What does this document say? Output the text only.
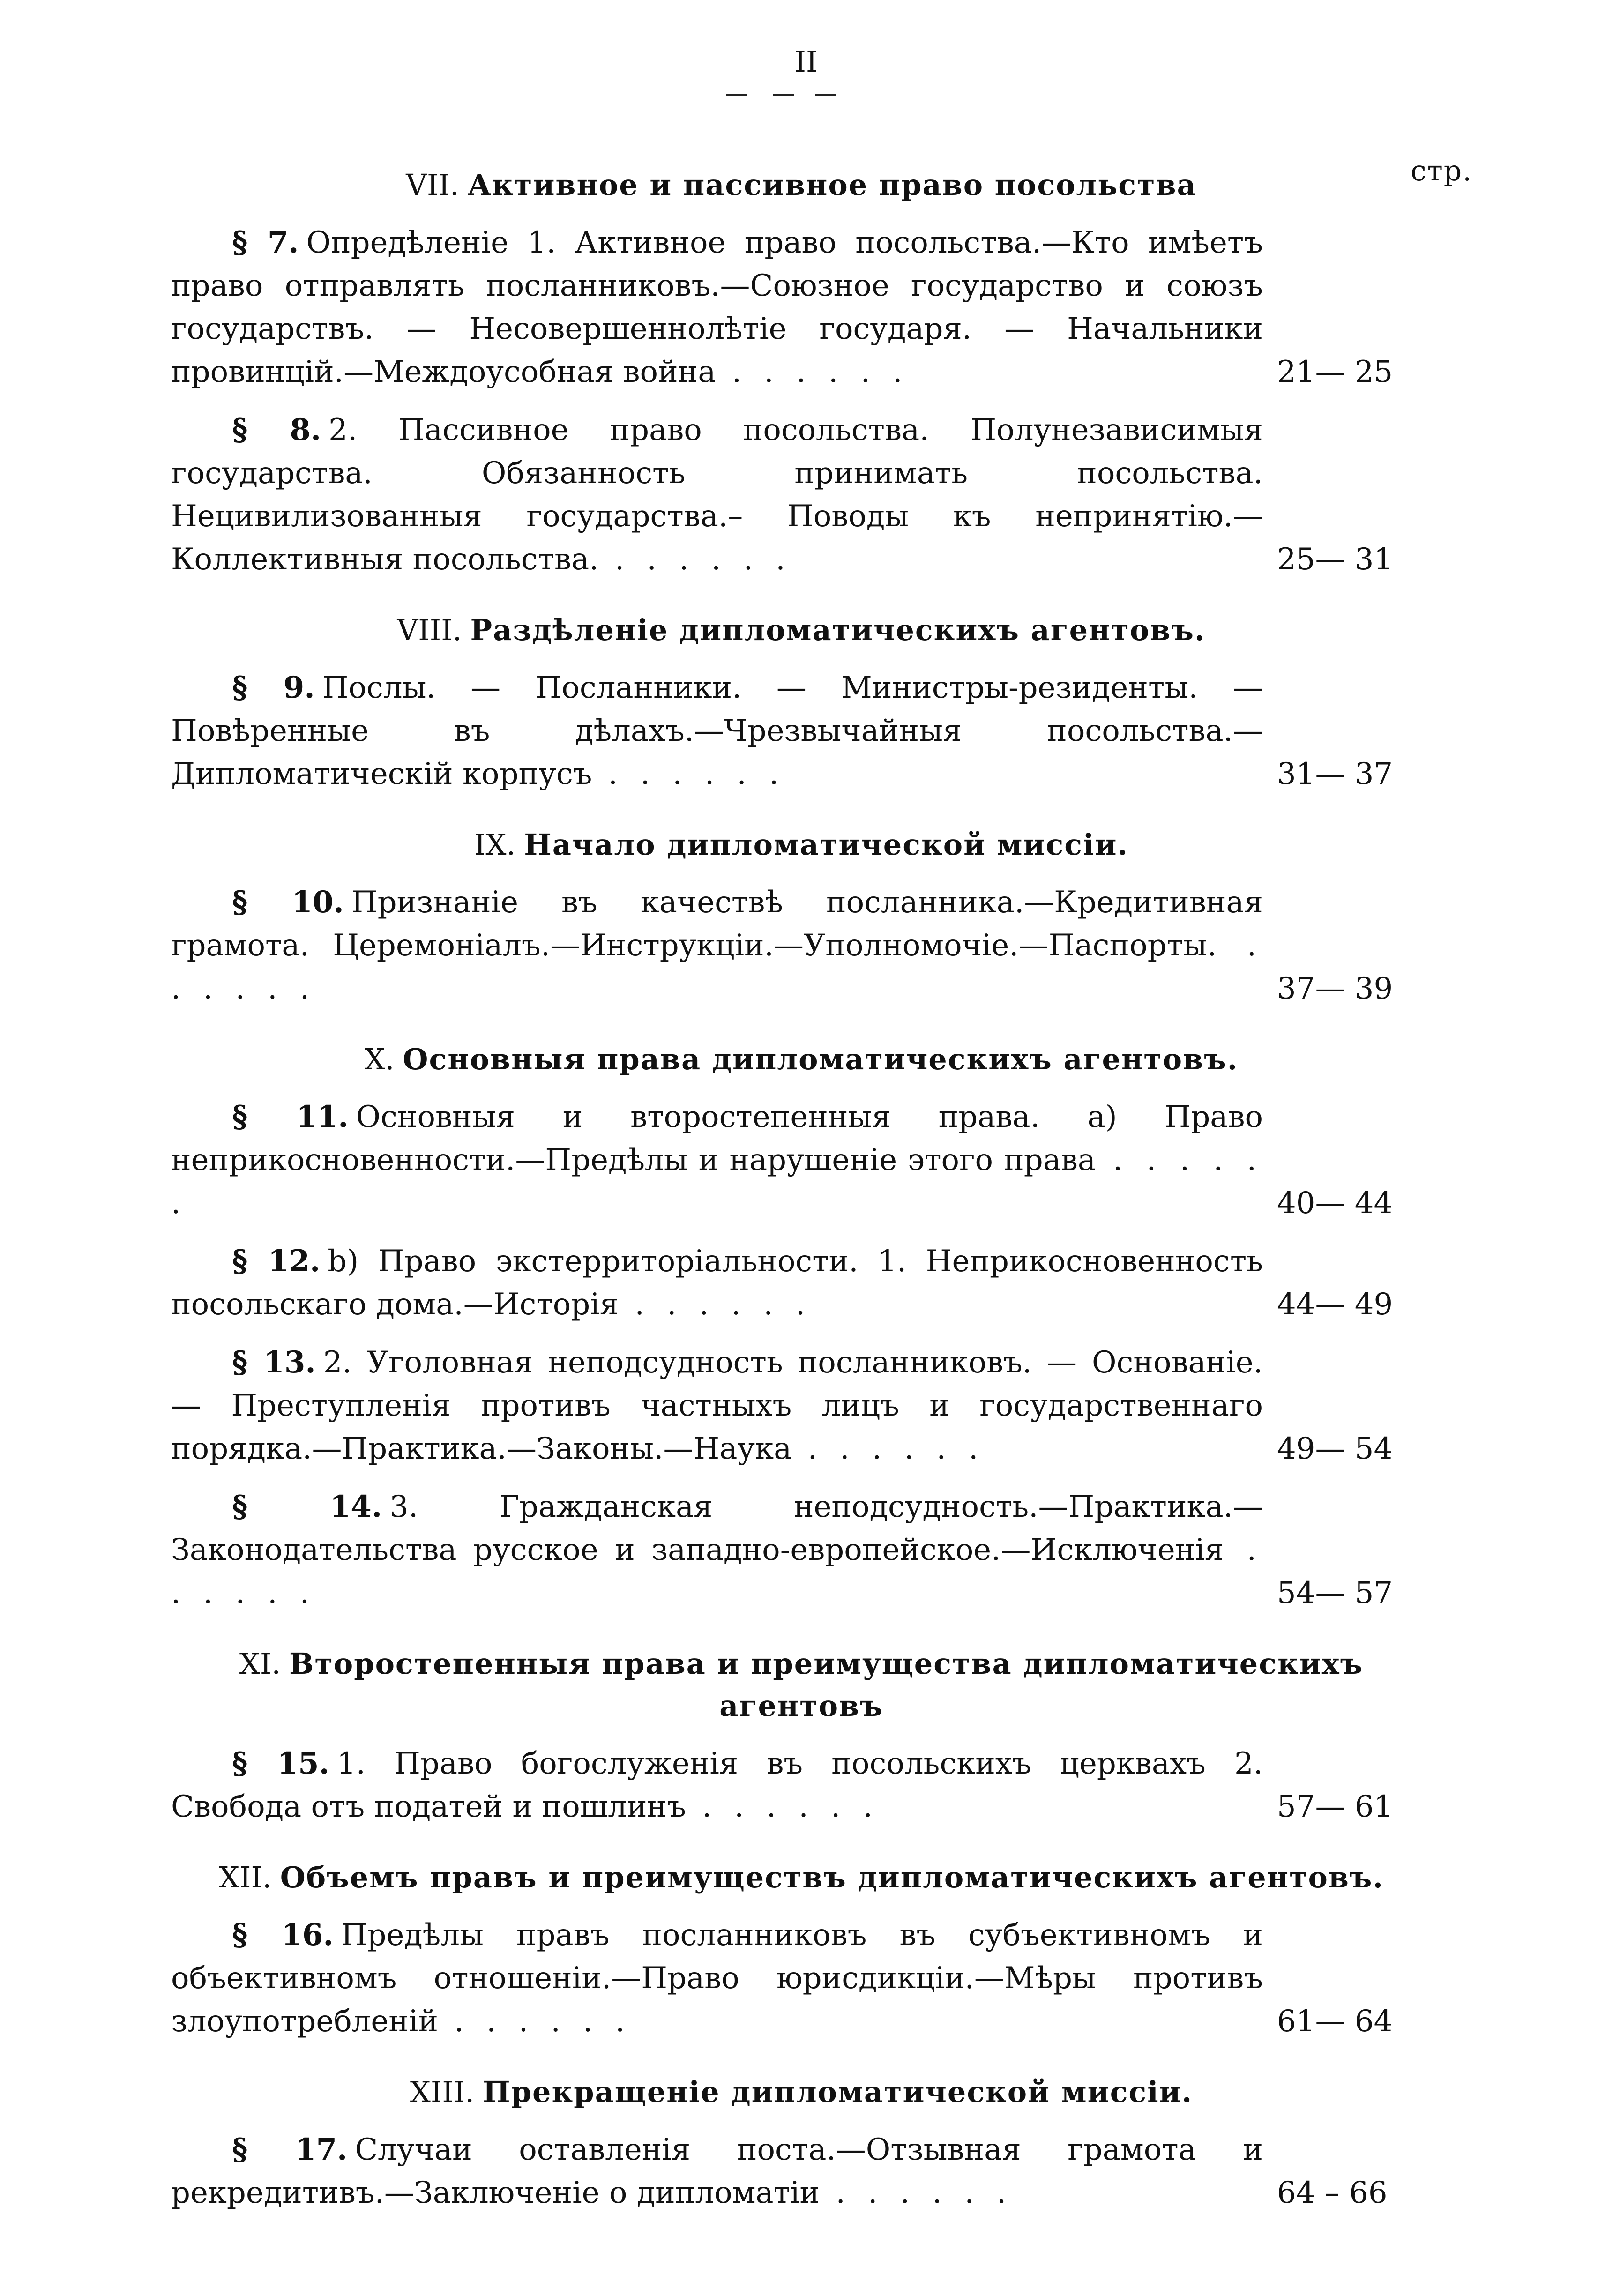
II
стр.
VII. Активное и пассивное право посольства
§ 7. Опредѣленіе 1. Активное право посольства.—Кто имѣетъ право отправлять посланниковъ.—Союзное государство и союзъ государствъ. — Несовершеннолѣтіе государя. — Начальники провинцій.—Междоусобная война . . . . . .	21— 25
§ 8. 2. Пассивное право посольства. Полунезависимыя государства. Обязанность принимать посольства. Нецивилизованныя государства.– Поводы къ непринятію.—Коллективныя посольства. . . . . . .	25— 31
VIII. Раздѣленіе дипломатическихъ агентовъ.
§ 9. Послы. — Посланники. — Министры-резиденты. —Повѣренные въ дѣлахъ.—Чрезвычайныя посольства.—Дипломатическій корпусъ . . . . . .	31— 37
IX. Начало дипломатической миссіи.
§ 10. Признаніе въ качествѣ посланника.—Кредитивная грамота. Церемоніалъ.—Инструкціи.—Уполномочіе.—Паспорты. . . . . . .	37— 39
X. Основныя права дипломатическихъ агентовъ.
§ 11. Основныя и второстепенныя права. a) Право неприкосновенности.—Предѣлы и нарушеніе этого права . . . . . .	40— 44
§ 12. b) Право экстерриторіальности. 1. Неприкосновенность посольскаго дома.—Исторія . . . . . .	44— 49
§ 13. 2. Уголовная неподсудность посланниковъ. — Основаніе. — Преступленія противъ частныхъ лицъ и государственнаго порядка.—Практика.—Законы.—Наука . . . . . .	49— 54
§ 14. 3. Гражданская неподсудность.—Практика.—Законодательства русское и западно-европейское.—Исключенія . . . . . .	54— 57
XI. Второстепенныя права и преимущества дипломатическихъ агентовъ
§ 15. 1. Право богослуженія въ посольскихъ церквахъ 2. Свобода отъ податей и пошлинъ . . . . . .	57— 61
XII. Объемъ правъ и преимуществъ дипломатическихъ агентовъ.
§ 16. Предѣлы правъ посланниковъ въ субъективномъ и объективномъ отношеніи.—Право юрисдикціи.—Мѣры противъ злоупотребленій . . . . . .	61— 64
XIII. Прекращеніе дипломатической миссіи.
§ 17. Случаи оставленія поста.—Отзывная грамота и рекредитивъ.—Заключеніе о дипломатіи . . . . . .	64 – 66
